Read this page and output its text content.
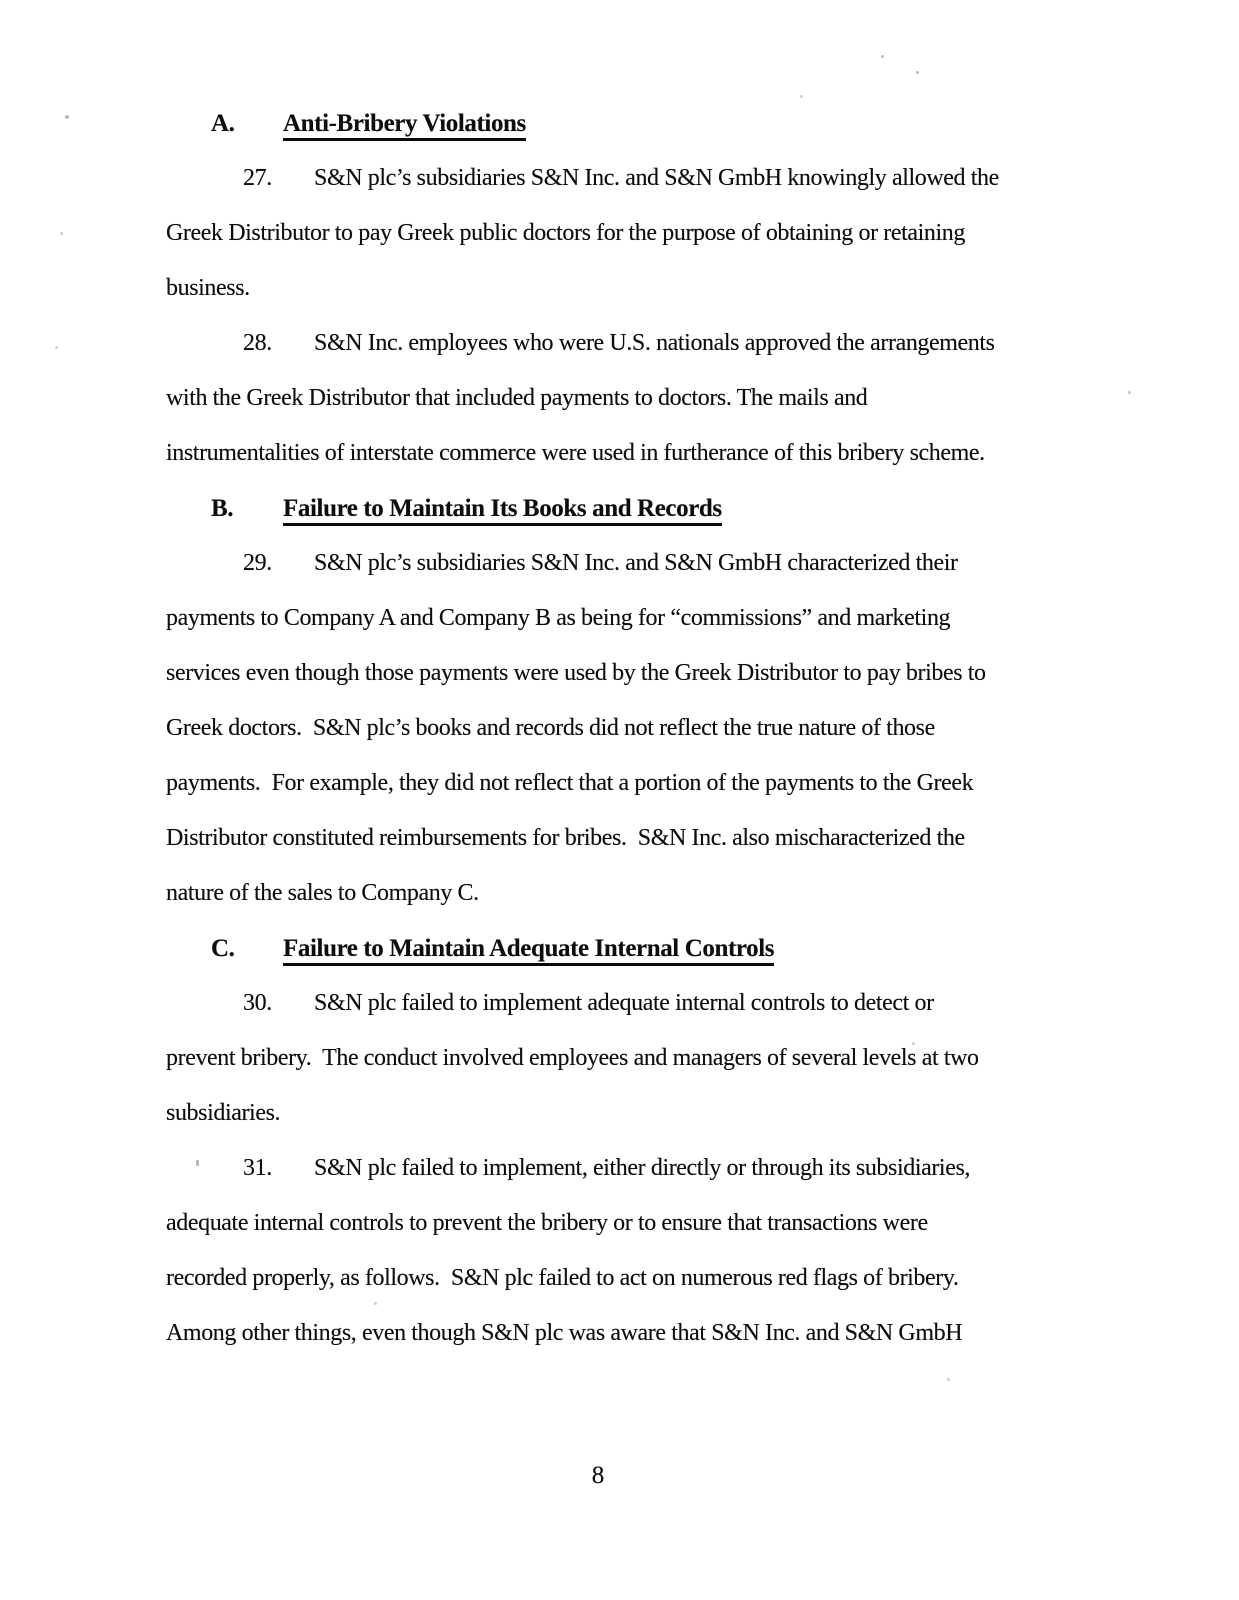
A. Anti-Bribery Violations
27. S&N plc’s subsidiaries S&N Inc. and S&N GmbH knowingly allowed the
Greek Distributor to pay Greek public doctors for the purpose of obtaining or retaining
business.
28. S&N Inc. employees who were U.S. nationals approved the arrangements
with the Greek Distributor that included payments to doctors. The mails and
instrumentalities of interstate commerce were used in furtherance of this bribery scheme.
B. Failure to Maintain Its Books and Records
29. S&N plc’s subsidiaries S&N Inc. and S&N GmbH characterized their
payments to Company A and Company B as being for “commissions” and marketing
services even though those payments were used by the Greek Distributor to pay bribes to
Greek doctors.  S&N plc’s books and records did not reflect the true nature of those
payments.  For example, they did not reflect that a portion of the payments to the Greek
Distributor constituted reimbursements for bribes.  S&N Inc. also mischaracterized the
nature of the sales to Company C.
C. Failure to Maintain Adequate Internal Controls
30. S&N plc failed to implement adequate internal controls to detect or
prevent bribery.  The conduct involved employees and managers of several levels at two
subsidiaries.
31. S&N plc failed to implement, either directly or through its subsidiaries,
adequate internal controls to prevent the bribery or to ensure that transactions were
recorded properly, as follows.  S&N plc failed to act on numerous red flags of bribery.
Among other things, even though S&N plc was aware that S&N Inc. and S&N GmbH
8
